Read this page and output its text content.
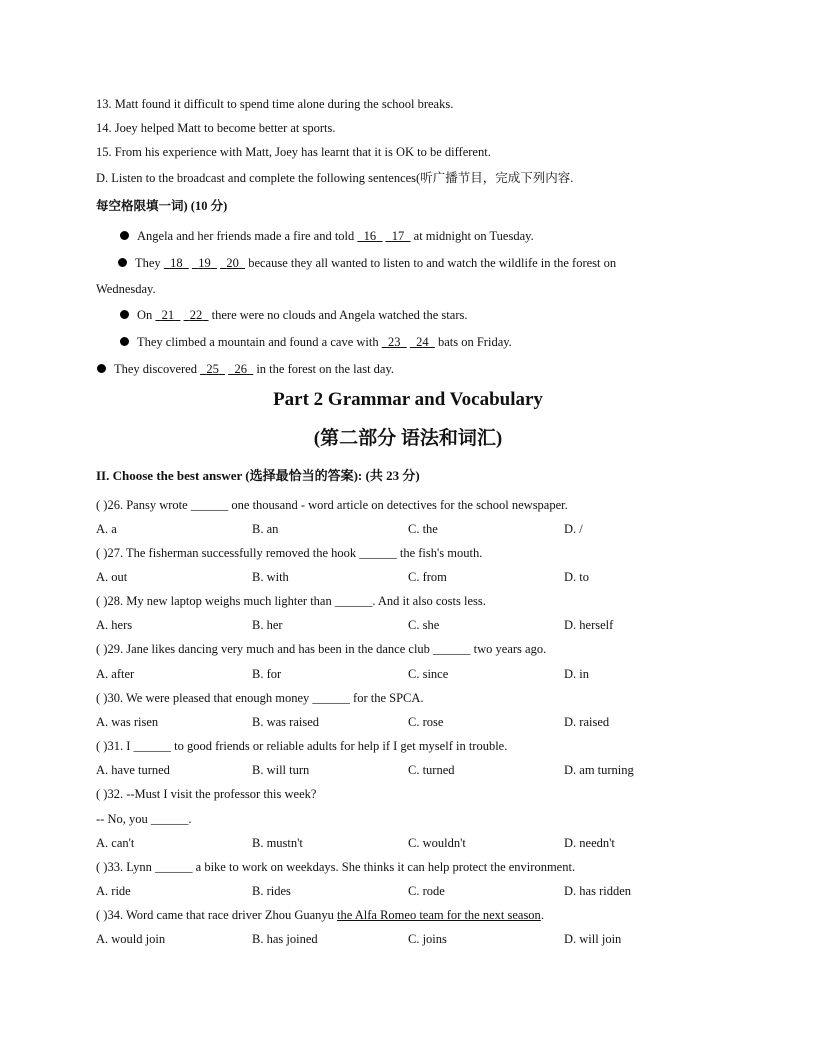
13. Matt found it difficult to spend time alone during the school breaks.
14. Joey helped Matt to become better at sports.
15. From his experience with Matt, Joey has learnt that it is OK to be different.
D. Listen to the broadcast and complete the following sentences(听广播节目，完成下列内容.
每空格限填一词) (10 分)
Angela and her friends made a fire and told   16 17   at midnight on Tuesday.
They   18 19 20   because they all wanted to listen to and watch the wildlife in the forest on
Wednesday.
On   21 22   there were no clouds and Angela watched the stars.
They climbed a mountain and found a cave with   23 24   bats on Friday.
They discovered   25 26   in the forest on the last day.
Part 2 Grammar and Vocabulary
(第二部分 语法和词汇)
II. Choose the best answer (选择最恰当的答案): (共 23 分)
( )26. Pansy wrote ______ one thousand - word article on detectives for the school newspaper.
A. a	B. an	C. the	D. /
( )27. The fisherman successfully removed the hook ______ the fish's mouth.
A. out	B. with	C. from	D. to
( )28. My new laptop weighs much lighter than ______. And it also costs less.
A. hers	B. her	C. she	D. herself
( )29. Jane likes dancing very much and has been in the dance club ______ two years ago.
A. after	B. for	C. since	D. in
( )30. We were pleased that enough money ______ for the SPCA.
A. was risen	B. was raised	C. rose	D. raised
( )31. I ______ to good friends or reliable adults for help if I get myself in trouble.
A. have turned	B. will turn	C. turned	D. am turning
( )32. --Must I visit the professor this week?
-- No, you ______.
A. can't	B. mustn't	C. wouldn't	D. needn't
( )33. Lynn ______ a bike to work on weekdays. She thinks it can help protect the environment.
A. ride	B. rides	C. rode	D. has ridden
( )34. Word came that race driver Zhou Guanyu the Alfa Romeo team for the next season.
A. would join	B. has joined	C. joins	D. will join
